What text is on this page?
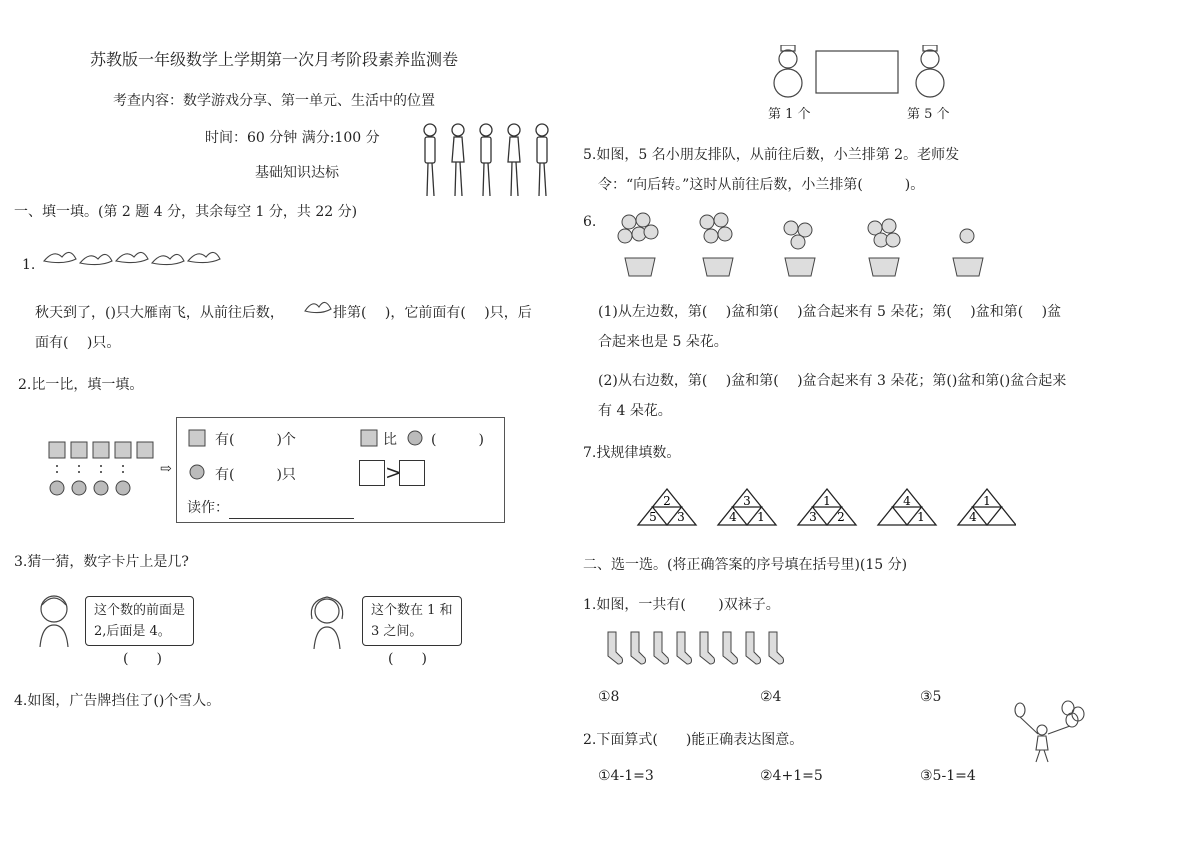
苏教版一年级数学上学期第一次月考阶段素养监测卷
考查内容：数学游戏分享、第一单元、生活中的位置
时间：60 分钟 满分:100 分
基础知识达标
一、填一填。(第 2 题 4 分，其余每空 1 分，共 22 分)
1.
秋天到了，()只大雁南飞，从前往后数，	排第(　 )，它前面有(　 )只，后
面有(　 )只。
2.比一比，填一填。
⇨
有(　　　)个	比 (　　　)
有(　　　)只	>
读作：
3.猜一猜，数字卡片上是几?
这个数的前面是
2,后面是 4。
(　　)
这个数在 1 和
3 之间。
(　　)
4.如图，广告牌挡住了()个雪人。
第 1 个	第 5 个
5.如图，5 名小朋友排队，从前往后数，小兰排第 2。老师发
令：“向后转。”这时从前往后数，小兰排第(　　　)。
6.
(1)从左边数，第(　 )盆和第(　 )盆合起来有 5 朵花；第(　 )盆和第(　 )盆
合起来也是 5 朵花。
(2)从右边数，第(　 )盆和第(　 )盆合起来有 3 朵花；第()盆和第()盆合起来
有 4 朵花。
7.找规律填数。
2
5 3
3
4 1
1
3 2
4
1
1
4
二、选一选。(将正确答案的序号填在括号里)(15 分)
1.如图，一共有(　　 )双袜子。
①8	②4	③5
2.下面算式(　　)能正确表达图意。
①4-1=3	②4+1=5	③5-1=4
